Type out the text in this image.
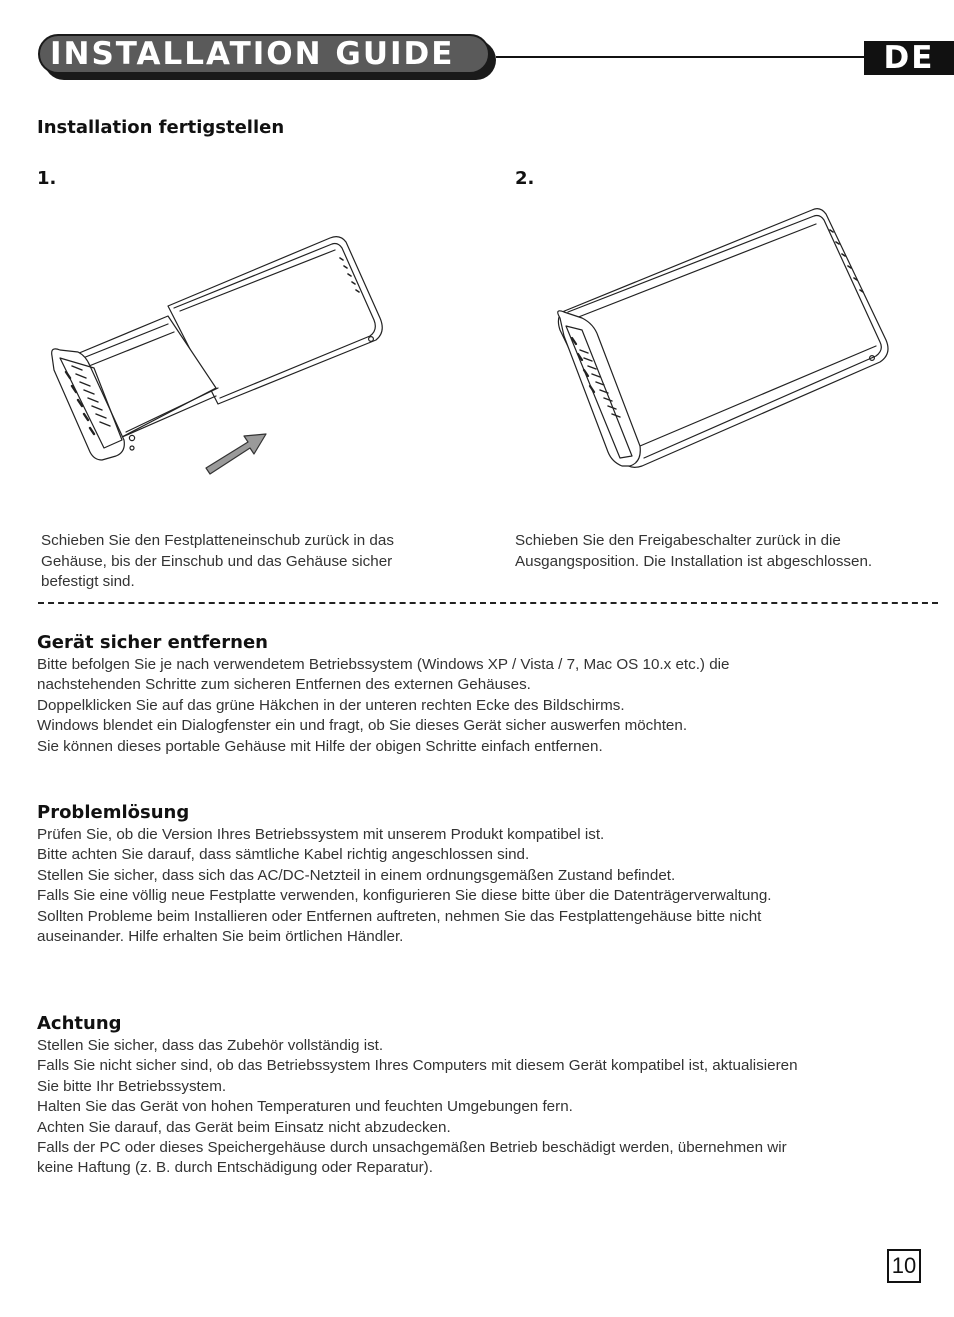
INSTALLATION GUIDE	DE
Installation fertigstellen
1.	2.

Schieben Sie den Festplatteneinschub zurück in das

Gehäuse, bis der Einschub und das Gehäuse sicher

befestigt sind.

Schieben Sie den Freigabeschalter zurück in die

Ausgangsposition. Die Installation ist abgeschlossen.

Gerät sicher entfernen

Bitte befolgen Sie je nach verwendetem Betriebssystem (Windows XP / Vista / 7, Mac OS 10.x etc.) die

nachstehenden Schritte zum sicheren Entfernen des externen Gehäuses.

Doppelklicken Sie auf das grüne Häkchen in der unteren rechten Ecke des Bildschirms.

Windows blendet ein Dialogfenster ein und fragt, ob Sie dieses Gerät sicher auswerfen möchten.

Sie können dieses portable Gehäuse mit Hilfe der obigen Schritte einfach entfernen.

Problemlösung

Prüfen Sie, ob die Version Ihres Betriebssystem mit unserem Produkt kompatibel ist.

Bitte achten Sie darauf, dass sämtliche Kabel richtig angeschlossen sind.

Stellen Sie sicher, dass sich das AC/DC-Netzteil in einem ordnungsgemäßen Zustand befindet.

Falls Sie eine völlig neue Festplatte verwenden, konfigurieren Sie diese bitte über die Datenträgerverwaltung.

Sollten Probleme beim Installieren oder Entfernen auftreten, nehmen Sie das Festplattengehäuse bitte nicht

auseinander. Hilfe erhalten Sie beim örtlichen Händler.

Achtung

Stellen Sie sicher, dass das Zubehör vollständig ist.

Falls Sie nicht sicher sind, ob das Betriebssystem Ihres Computers mit diesem Gerät kompatibel ist, aktualisieren

Sie bitte Ihr Betriebssystem.

Halten Sie das Gerät von hohen Temperaturen und feuchten Umgebungen fern.

Achten Sie darauf, das Gerät beim Einsatz nicht abzudecken.

Falls der PC oder dieses Speichergehäuse durch unsachgemäßen Betrieb beschädigt werden, übernehmen wir

keine Haftung (z. B. durch Entschädigung oder Reparatur).

10
